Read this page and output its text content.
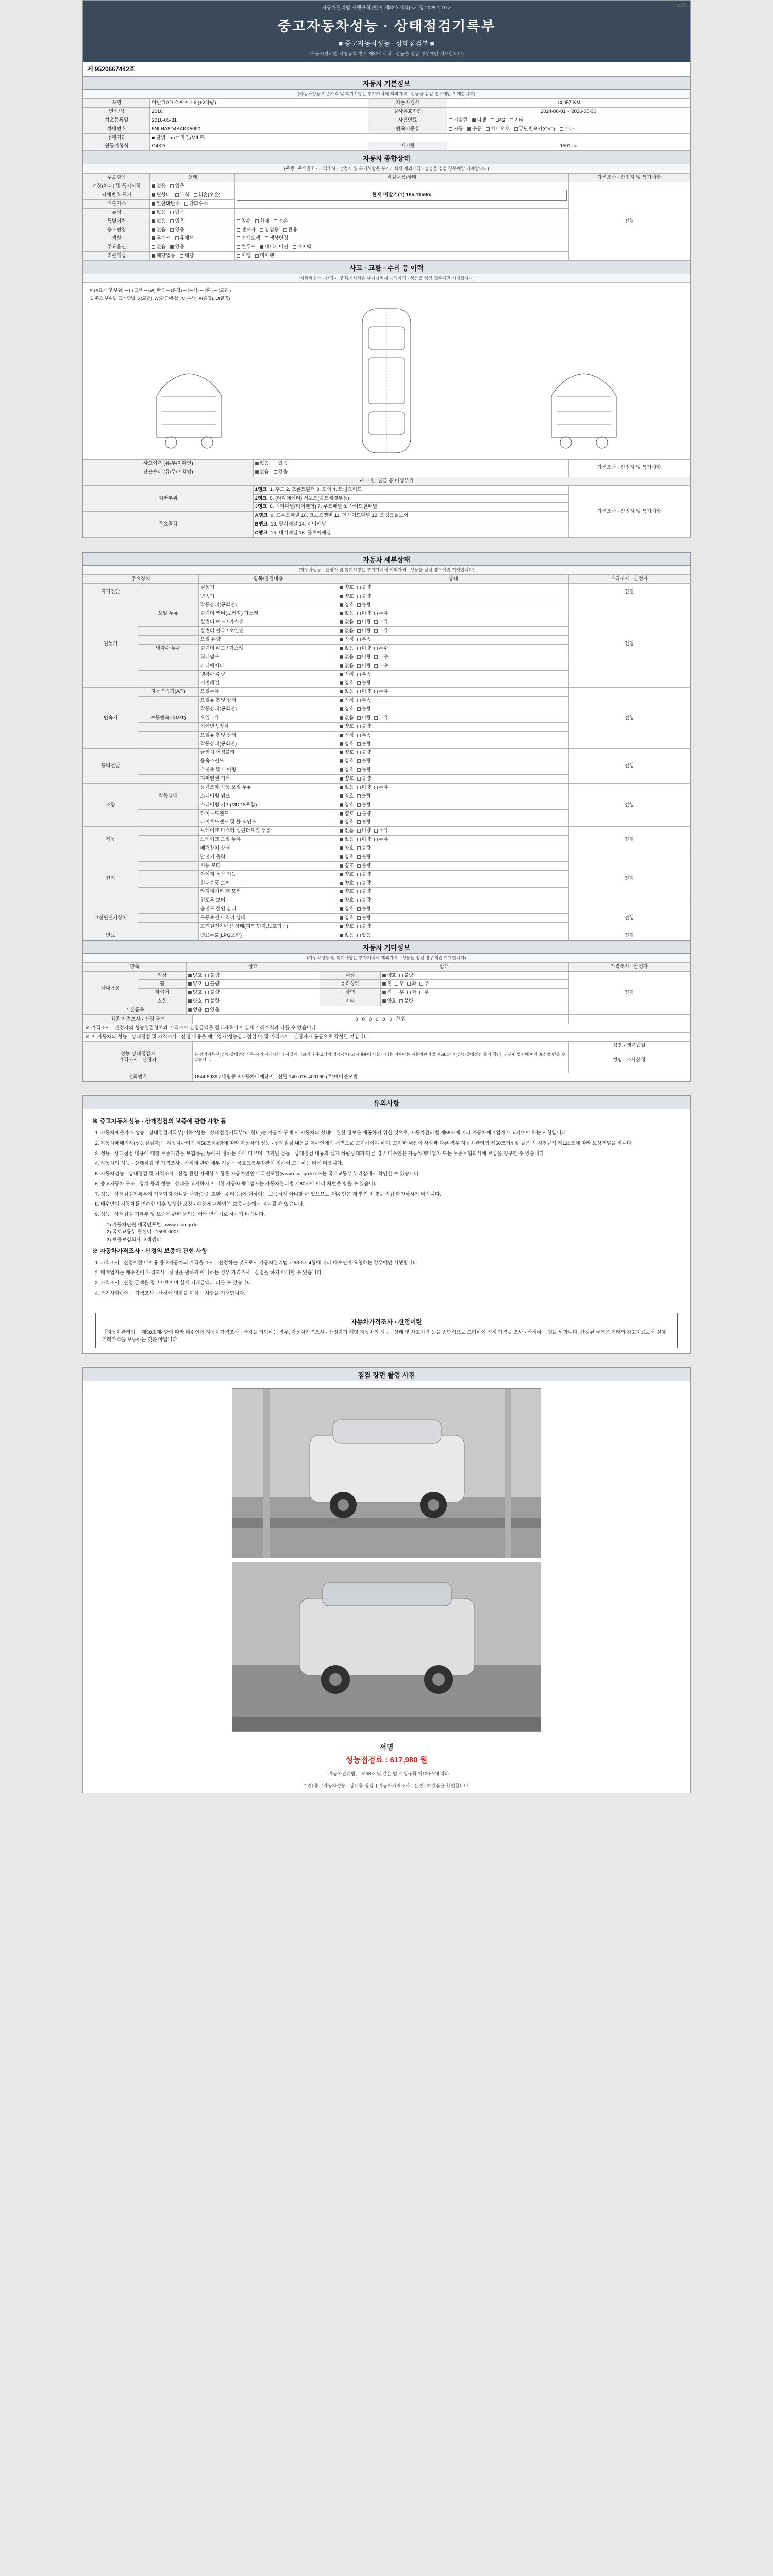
(1/4쪽)
자동차관리법 시행규칙 [별지 제82호서식] <개정 2025.1.10.>
중고자동차성능 · 상태점검기록부
■ 중고자동차성능 · 상태점검부 ■
(자동차관리법 시행규칙 별지 제82호서식 · 성능을 점검 경우에만 기재합니다)
제 9520667442호
자동차 기본정보
(자동차성능 기준가격 및 특기사항은 부가가치세 제외가격 · 성능을 점검 경우에만 기재합니다)
차명	아반떼AD 스포츠 1.6 (+2차량)	자동차검사	14,057 KM
연식/식	2016	검사유효기간	2024-06-01 ~ 2026-05-30
최초등록일	2016-05-31	사용연료	가솔린 디젤 LPG 기타
차대번호	5NLHA8D4AAKK5090	변속기종류	자동 수동 세미오토 무단변속기(CVT) 기타
주행거리	■ 단위: km □ 마일(MILE)		
원동기형식	G4KD	배기량	1591 cc
자동차 종합상태
(주행 · 주요골조 · 가격조사 · 산정자 및 특기사항은 부가가치세 제외가격 · 성능을 점검 경우에만 기재합니다)
주요항목	상태	점검내용/상태	가격조사 · 산정자 및 특기사항
전장(차대) 및 특기사항	없음 있음	현재 미발기(1) 185,1159m	전행
자체번호 표기	원상태 부식 훼손(오손)		
배출가스	일산화탄소 탄화수소		
튜닝	없음 있음		
특별이력	없음 있음	침수 화재 전손	
용도변경	없음 있음	렌트카 영업용 관용	
색상	무채색 유채색	전체도색 색상변경	
주요옵션	없음 있음	썬루프 내비게이션 에어백	
리콜대상	해당없음 해당	이행 미이행	
사고 · 교환 · 수리 등 이력
(자동차성능 · 산정자 및 특기사항은 부가가치세 제외가격 · 성능을 점검 경우에만 기재합니다)
※ (X표시 및 부위) ─ ( ) 교환 ─ (W) 판금 ─ (용접) ─ (부식) ─ (흠 ) ─ (교환 )
※ 주요 부위별 표기방법: X(교환), W(판금/용접), C(부식), A(흠집), U(굴곡)
사고이력 (유/무/미확인)	없음 있음	가격조사 · 산정자 및 특기사항
단순수리 (유/무/미확인)	없음 있음	
※ 교환, 판금 등 이상부위		
외판부위	1랭크 1. 후드 2. 프론트휀더 3. 도어 4. 트렁크리드	가격조사 · 산정자 및 특기사항
	2랭크 5. (라디에이터) 서포트(볼트체결부품)	
	3랭크 6. 쿼터패널(리어휀더) 7. 루프패널 8. 사이드실패널	
주요골격	A랭크 9. 프론트패널 10. 크로스멤버 11. 인사이드패널 12. 트렁크플로어	
	B랭크 13. 필러패널 14. 리어패널	
	C랭크 15. 대쉬패널 16. 플로어패널	
자동차 세부상태
(자동차성능 · 산정자 및 특기사항은 부가가치세 제외가격 · 성능을 점검 경우에만 기재합니다)
주요장치		항목/점검내용	상태	가격조사 · 산정자
자기진단		원동기	양호 불량	전행
		변속기	양호 불량	
원동기		작동상태(공회전)	양호 불량	전행
	오일 누유	실린더 커버(로커암) 가스켓	없음 미량 누유	
		실린더 헤드 / 가스켓	없음 미량 누유	
		실린더 블록 / 오일팬	없음 미량 누유	
		오일 유량	적정 부족	
	냉각수 누수	실린더 헤드 / 가스켓	없음 미량 누수	
		워터펌프	없음 미량 누수	
		라디에이터	없음 미량 누수	
		냉각수 수량	적정 부족	
		커먼레일	양호 불량	
변속기	자동변속기(A/T)	오일누유	없음 미량 누유	전행
		오일유량 및 상태	적정 부족	
		작동상태(공회전)	양호 불량	
	수동변속기(M/T)	오일누유	없음 미량 누유	
		기어변속장치	양호 불량	
		오일유량 및 상태	적정 부족	
		작동상태(공회전)	양호 불량	
동력전달		클러치 어셈블리	양호 불량	전행
		등속조인트	양호 불량	
		추진축 및 베어링	양호 불량	
		디퍼렌셜 기어	양호 불량	
조향		동력조향 작동 오일 누유	없음 미량 누유	전행
	작동상태	스티어링 펌프	양호 불량	
		스티어링 기어(MDPS포함)	양호 불량	
		타이로드엔드	양호 불량	
		타이로드엔드 및 볼 조인트	양호 불량	
제동		브레이크 마스터 실린더오일 누유	없음 미량 누유	전행
		브레이크 오일 누유	없음 미량 누유	
		배력장치 상태	양호 불량	
전기		발전기 출력	양호 불량	전행
		시동 모터	양호 불량	
		와이퍼 동작 기능	양호 불량	
		실내송풍 모터	양호 불량	
		라디에이터 팬 모터	양호 불량	
		윈도우 모터	양호 불량	
고전원전기장치		충전구 절연 상태	양호 불량	전행
		구동축전지 격리 상태	양호 불량	
		고전원전기배선 상태(피복,단자,보호기구)	양호 불량	
연료		연료누출(LPG포함)	없음 있음	전행
자동차 기타정보
(자동차성능 및 특기사항은 부가가치세 제외가격 · 성능을 점검 경우에만 기재합니다)
항목		상태	상태		가격조사 · 산정자
사내용품	외장	양호 불량	내장	양호 불량	전행
	휠	양호 불량	유리상태	전 후 좌 우	
	타이어	양호 불량	광택	전 후 좌 우	
	소음	양호 불량	기타	양호 불량	
기본품목		없음 있음			
최종 가격조사 · 산정 금액	0 0 0 0 0 0 천원	
※ 가격조사 · 산정자의 성능점검정보와 가격조사 산정금액은 참고자료이며 실제 거래가격과 다를 수 있습니다.		
※ 이 자동차의 성능 · 상태점검 및 가격조사 · 산정 내용은 매매업자(성능상태점검자) 및 가격조사 · 산정자가 공동으로 작성한 것입니다.		

성능·상태점검자
가격조사 · 산정자

본 점검기록부(성능·상태점검기록부)의 기재사항이 사실과 다르거나 주요장치 성능·상태 고지내용이 사실과 다른 경우에는 자동차관리법 제58조의4(성능·상태점검 등의 책임) 및 관련 법령에 따라 보상을 받을 수 있습니다.

성명 · 생년월일
성명 · 조사산정

전화번호	1644-5939 / 대림중고자동차매매단지 : 신한 140-016-409160 (주)아이앤모빌	
유의사항
※ 중고자동차성능 · 상태점검의 보증에 관한 사항 등
1. 자동차배출가스 성능 · 상태점검기록부(이하 "성능 · 상태점검기록부"라 한다)는 자동차 구매 시 자동차의 상태에 관한 정보를 제공하기 위한 것으로, 자동차관리법 제58조에 따라 자동차매매업자가 고지해야 하는 사항입니다.
2. 자동차매매업자(성능점검자)는 자동차관리법 제58조제4항에 따라 자동차의 성능 · 상태점검 내용을 매수인에게 서면으로 고지하여야 하며, 고지한 내용이 사실과 다른 경우 자동차관리법 제58조의4 및 같은 법 시행규칙 제120조에 따라 보상책임을 집니다.
3. 성능 · 상태점검 내용에 대한 보증기간은 보험증권 등에서 정하는 바에 따르며, 고지된 성능 · 상태점검 내용과 실제 차량상태가 다른 경우 매수인은 자동차매매업자 또는 보증보험회사에 보상을 청구할 수 있습니다.
4. 자동차의 성능 · 상태점검 및 가격조사 · 산정에 관한 세부 기준은 국토교통부장관이 정하여 고시하는 바에 따릅니다.
5. 자동차성능 · 상태점검 및 가격조사 · 산정 관련 자세한 사항은 자동차민원 대국민포털(www.ecar.go.kr) 또는 국토교통부 누리집에서 확인할 수 있습니다.
6. 중고자동차 구조 · 장치 등의 성능 · 상태를 고지하지 아니한 자동차매매업자는 자동차관리법 제80조에 따라 처벌을 받을 수 있습니다.
7. 성능 · 상태점검기록부에 기재되지 아니한 사항(단순 교환 · 수리 등)에 대하여는 보증하지 아니할 수 있으므로, 매수인은 계약 전 차량을 직접 확인하시기 바랍니다.
8. 매수인이 자동차를 인수한 이후 발생한 고장 · 손상에 대하여는 보증대상에서 제외될 수 있습니다.
9. 성능 · 상태점검 기록부 및 보증에 관한 문의는 아래 연락처로 하시기 바랍니다.
1) 자동차민원 대국민포털 : www.ecar.go.kr
2) 국토교통부 콜센터 : 1599-0001
3) 보증보험회사 고객센터
※ 자동차가격조사 · 산정의 보증에 관한 사항
1. 가격조사 · 산정이란 매매용 중고자동차의 가격을 조사 · 산정하는 것으로서 자동차관리법 제58조제4항에 따라 매수인이 요청하는 경우에만 시행합니다.
2. 매매업자는 매수인이 가격조사 · 산정을 원하지 아니하는 경우 가격조사 · 산정을 하지 아니할 수 있습니다.
3. 가격조사 · 산정 금액은 참고자료이며 실제 거래금액과 다를 수 있습니다.
4. 특기사항란에는 가격조사 · 산정에 영향을 미치는 사항을 기재합니다.
자동차가격조사 · 산정이란
「자동차관리법」 제58조제4항에 따라 매수인이 자동차가격조사 · 산정을 의뢰하는 경우, 자동차가격조사 · 산정자가 해당 자동차의 성능 · 상태 및 사고이력 등을 종합적으로 고려하여 적정 가격을 조사 · 산정하는 것을 말합니다. 산정된 금액은 거래의 참고자료로서 실제 거래가격을 보증하는 것은 아닙니다.
점검 장면 촬영 사진
서명
성능점검료 : 617,980 원
「자동차관리법」 제58조 및 같은 법 시행규칙 제120조에 따라
[1인] 중고자동차성능 · 상태를 점검, [ 자동차가격조사 · 산정 ] 하였음을 확인합니다.
